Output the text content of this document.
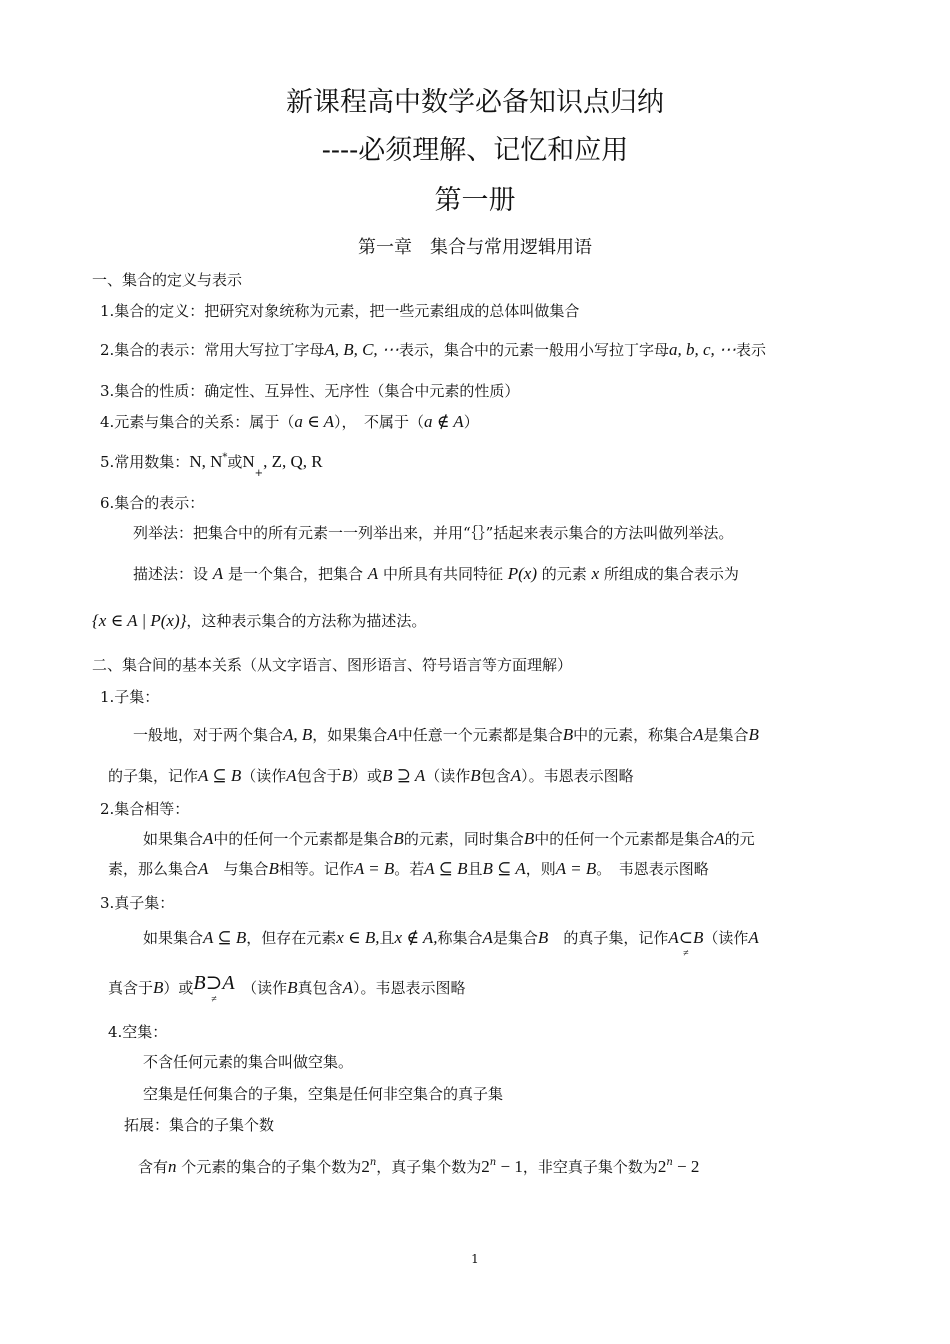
新课程高中数学必备知识点归纳
----必须理解、记忆和应用
第一册
第一章　集合与常用逻辑用语
一、集合的定义与表示
1.集合的定义：把研究对象统称为元素，把一些元素组成的总体叫做集合
2.集合的表示：常用大写拉丁字母A, B, C, ⋯表示，集合中的元素一般用小写拉丁字母a, b, c, ⋯表示
3.集合的性质：确定性、互异性、无序性（集合中元素的性质）
4.元素与集合的关系：属于（a ∈ A），　不属于（a ∉ A）
5.常用数集：N, N*或$N_+$, Z, Q, R
6.集合的表示：
列举法：把集合中的所有元素一一列举出来，并用“｛｝”括起来表示集合的方法叫做列举法。
描述法：设 A 是一个集合，把集合 A 中所具有共同特征 P(x) 的元素 x 所组成的集合表示为
{x ∈ A | P(x)}，这种表示集合的方法称为描述法。
二、集合间的基本关系（从文字语言、图形语言、符号语言等方面理解）
1.子集：
一般地，对于两个集合A, B，如果集合A中任意一个元素都是集合B中的元素，称集合A是集合B
的子集，记作A ⊆ B（读作A包含于B）或B ⊇ A（读作B包含A）。韦恩表示图略
2.集合相等：
如果集合A中的任何一个元素都是集合B的元素，同时集合B中的任何一个元素都是集合A的元
素，那么集合A　 与集合B相等。记作A = B。若A ⊆ B且B ⊆ A，则A = B。　韦恩表示图略
3.真子集：
如果集合A ⊆ B，但存在元素x ∈ B,且x ∉ A,称集合A是集合B　 的真子集，记作A⊂B
≠
（读作A
真含于B）或B⊃A
≠
　（读作B真包含A）。韦恩表示图略
4.空集：
不含任何元素的集合叫做空集。
空集是任何集合的子集，空集是任何非空集合的真子集
拓展：集合的子集个数
含有n 个元素的集合的子集个数为2$^n$，真子集个数为$2^n - 1$，非空真子集个数为$2^n - 2$
1
